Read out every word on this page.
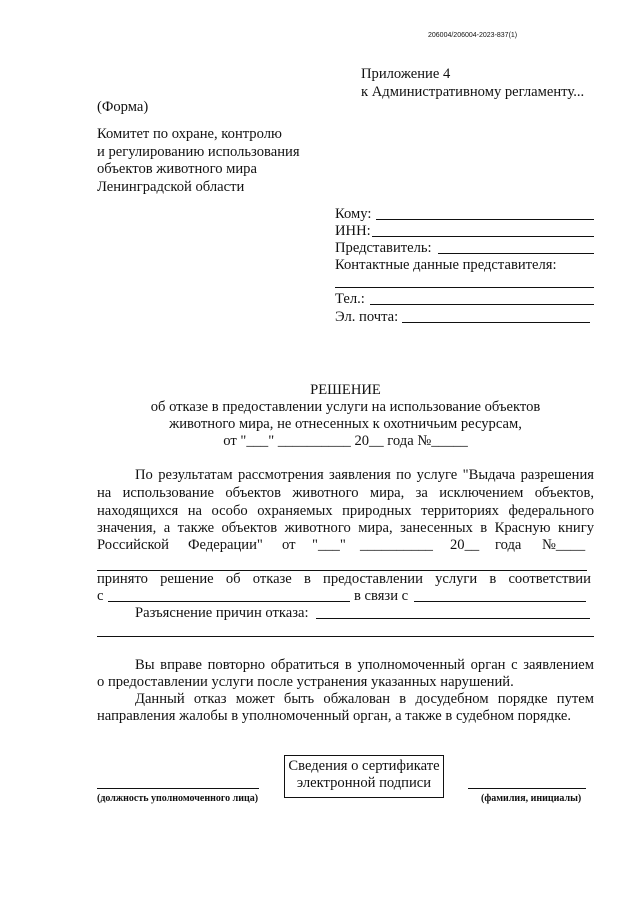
206004/206004-2023-837(1)
Приложение 4
к Административному регламенту...
(Форма)
Комитет по охране, контролю
и регулированию использования
объектов животного мира
Ленинградской области
Кому:
ИНН:
Представитель:
Контактные данные представителя:
Тел.:
Эл. почта:
РЕШЕНИЕ
об отказе в предоставлении услуги на использование объектов
животного мира, не отнесенных к охотничьим ресурсам,
от "___" __________ 20__ года №_____
По результатам рассмотрения заявления по услуге "Выдача разрешения
на использование объектов животного мира, за исключением объектов,
находящихся на особо охраняемых природных территориях федерального
значения, а также объектов животного мира, занесенных в Красную книгу
Российской Федерации" от "___" __________ 20__ года №____
принято решение об отказе в предоставлении услуги в соответствии
с	в связи с
Разъяснение причин отказа:
Вы вправе повторно обратиться в уполномоченный орган с заявлением
о предоставлении услуги после устранения указанных нарушений.
Данный отказ может быть обжалован в досудебном порядке путем
направления жалобы в уполномоченный орган, а также в судебном порядке.
(должность уполномоченного лица)
Сведения о сертификате
электронной подписи
(фамилия, инициалы)
